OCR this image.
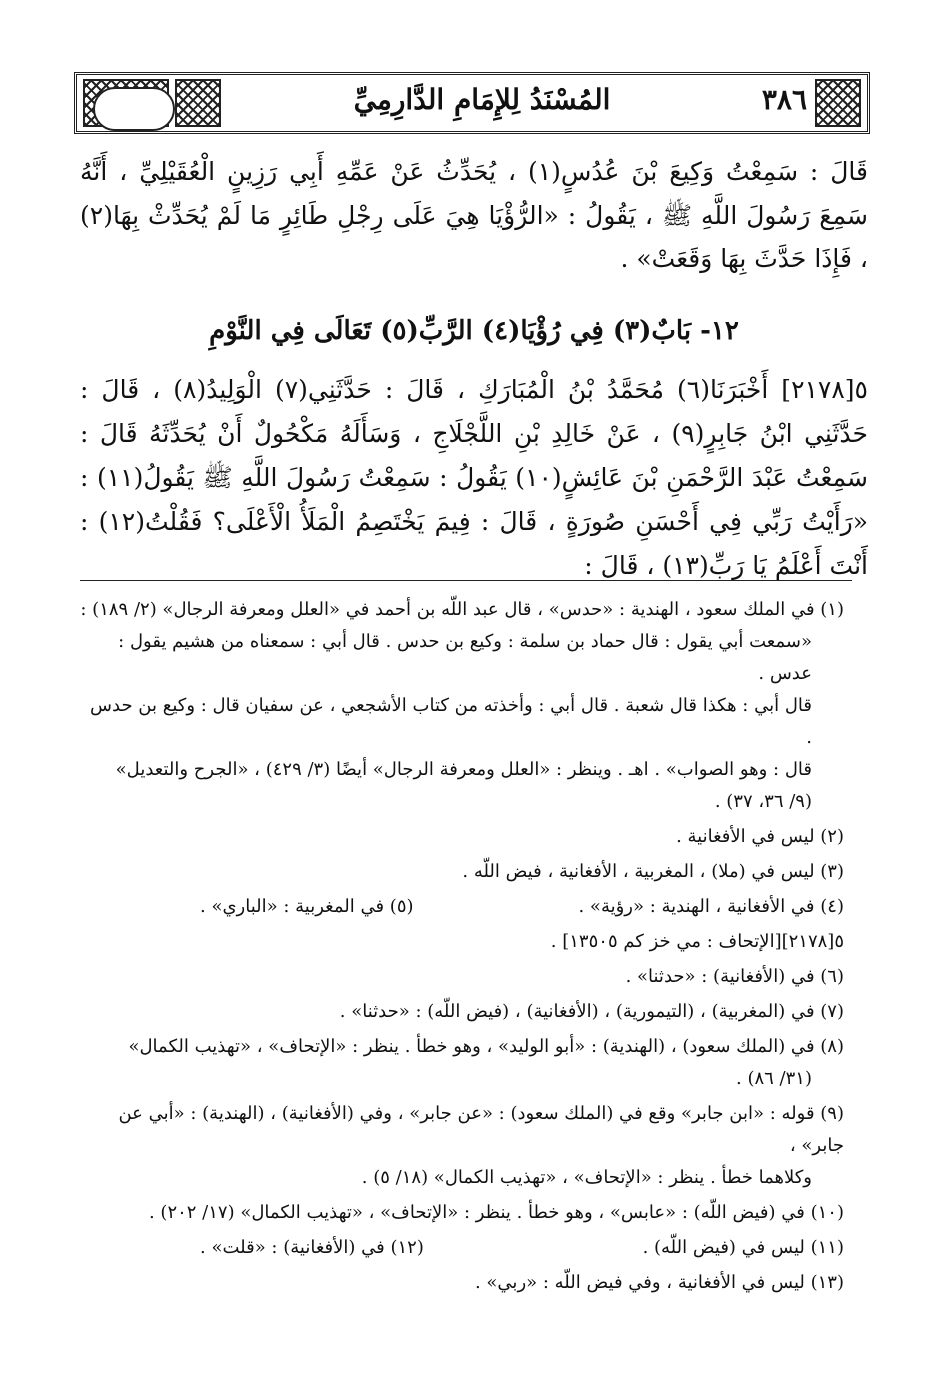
المُسْنَدُ لِلإِمَامِ الدَّارِمِيِّ	٣٨٦

قَالَ : سَمِعْتُ وَكِيعَ بْنَ عُدُسٍ(١) ، يُحَدِّثُ عَنْ عَمِّهِ أَبِي رَزِينٍ الْعُقَيْلِيِّ ، أَنَّهُ سَمِعَ رَسُولَ اللَّهِ ﷺ ، يَقُولُ : «الرُّؤْيَا هِيَ عَلَى رِجْلِ طَائِرٍ مَا لَمْ يُحَدِّثْ بِهَا(٢) ، فَإِذَا حَدَّثَ بِهَا وَقَعَتْ» .

١٢- بَابٌ(٣) فِي رُؤْيَا(٤) الرَّبِّ(٥) تَعَالَى فِي النَّوْمِ

٥[٢١٧٨] أَخْبَرَنَا(٦) مُحَمَّدُ بْنُ الْمُبَارَكِ ، قَالَ : حَدَّثَنِي(٧) الْوَلِيدُ(٨) ، قَالَ : حَدَّثَنِي ابْنُ جَابِرٍ(٩) ، عَنْ خَالِدِ بْنِ اللَّجْلَاجِ ، وَسَأَلَهُ مَكْحُولٌ أَنْ يُحَدِّثَهُ قَالَ : سَمِعْتُ عَبْدَ الرَّحْمَنِ بْنَ عَائِشٍ(١٠) يَقُولُ : سَمِعْتُ رَسُولَ اللَّهِ ﷺ يَقُولُ(١١) : «رَأَيْتُ رَبِّي فِي أَحْسَنِ صُورَةٍ ، قَالَ : فِيمَ يَخْتَصِمُ الْمَلَأُ الْأَعْلَى؟ فَقُلْتُ(١٢) : أَنْتَ أَعْلَمُ يَا رَبِّ(١٣) ، قَالَ :

(١) في الملك سعود ، الهندية : «حدس» ، قال عبد اللّه بن أحمد في «العلل ومعرفة الرجال» (٢/ ١٨٩) :
«سمعت أبي يقول : قال حماد بن سلمة : وكيع بن حدس . قال أبي : سمعناه من هشيم يقول : عدس .
قال أبي : هكذا قال شعبة . قال أبي : وأخذته من كتاب الأشجعي ، عن سفيان قال : وكيع بن حدس .
قال : وهو الصواب» . اهـ . وينظر : «العلل ومعرفة الرجال» أيضًا (٣/ ٤٢٩) ، «الجرح والتعديل»
(٩/ ٣٦، ٣٧) .
(٢) ليس في الأفغانية .
(٣) ليس في (ملا) ، المغربية ، الأفغانية ، فيض اللّه .
(٤) في الأفغانية ، الهندية : «رؤية» .
(٥) في المغربية : «الباري» .
٥[٢١٧٨][الإتحاف : مي خز كم ١٣٥٠٥] .
(٦) في (الأفغانية) : «حدثنا» .
(٧) في (المغربية) ، (التيمورية) ، (الأفغانية) ، (فيض اللّه) : «حدثنا» .
(٨) في (الملك سعود) ، (الهندية) : «أبو الوليد» ، وهو خطأ . ينظر : «الإتحاف» ، «تهذيب الكمال»
(٣١/ ٨٦) .
(٩) قوله : «ابن جابر» وقع في (الملك سعود) : «عن جابر» ، وفي (الأفغانية) ، (الهندية) : «أبي عن جابر» ،
وكلاهما خطأ . ينظر : «الإتحاف» ، «تهذيب الكمال» (١٨/ ٥) .
(١٠) في (فيض اللّه) : «عابس» ، وهو خطأ . ينظر : «الإتحاف» ، «تهذيب الكمال» (١٧/ ٢٠٢) .
(١١) ليس في (فيض اللّه) .
(١٢) في (الأفغانية) : «قلت» .
(١٣) ليس في الأفغانية ، وفي فيض اللّه : «ربي» .
